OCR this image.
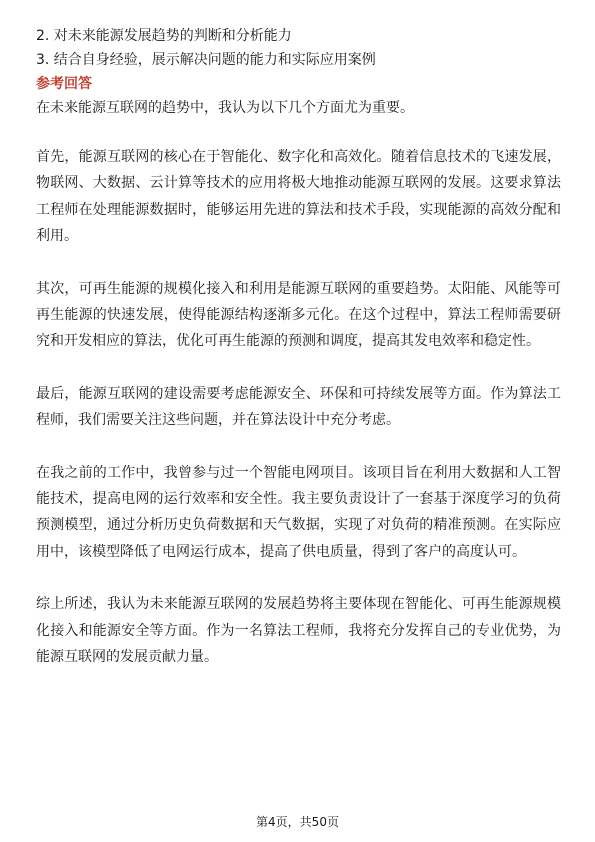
2. 对未来能源发展趋势的判断和分析能力

3. 结合自身经验，展示解决问题的能力和实际应用案例

参考回答

在未来能源互联网的趋势中，我认为以下几个方面尤为重要。

首先，能源互联网的核心在于智能化、数字化和高效化。随着信息技术的飞速发展，物联网、大数据、云计算等技术的应用将极大地推动能源互联网的发展。这要求算法工程师在处理能源数据时，能够运用先进的算法和技术手段，实现能源的高效分配和利用。

其次，可再生能源的规模化接入和利用是能源互联网的重要趋势。太阳能、风能等可再生能源的快速发展，使得能源结构逐渐多元化。在这个过程中，算法工程师需要研究和开发相应的算法，优化可再生能源的预测和调度，提高其发电效率和稳定性。

最后，能源互联网的建设需要考虑能源安全、环保和可持续发展等方面。作为算法工程师，我们需要关注这些问题，并在算法设计中充分考虑。

在我之前的工作中，我曾参与过一个智能电网项目。该项目旨在利用大数据和人工智能技术，提高电网的运行效率和安全性。我主要负责设计了一套基于深度学习的负荷预测模型，通过分析历史负荷数据和天气数据，实现了对负荷的精准预测。在实际应用中，该模型降低了电网运行成本，提高了供电质量，得到了客户的高度认可。

综上所述，我认为未来能源互联网的发展趋势将主要体现在智能化、可再生能源规模化接入和能源安全等方面。作为一名算法工程师，我将充分发挥自己的专业优势，为能源互联网的发展贡献力量。

第4页，共50页
